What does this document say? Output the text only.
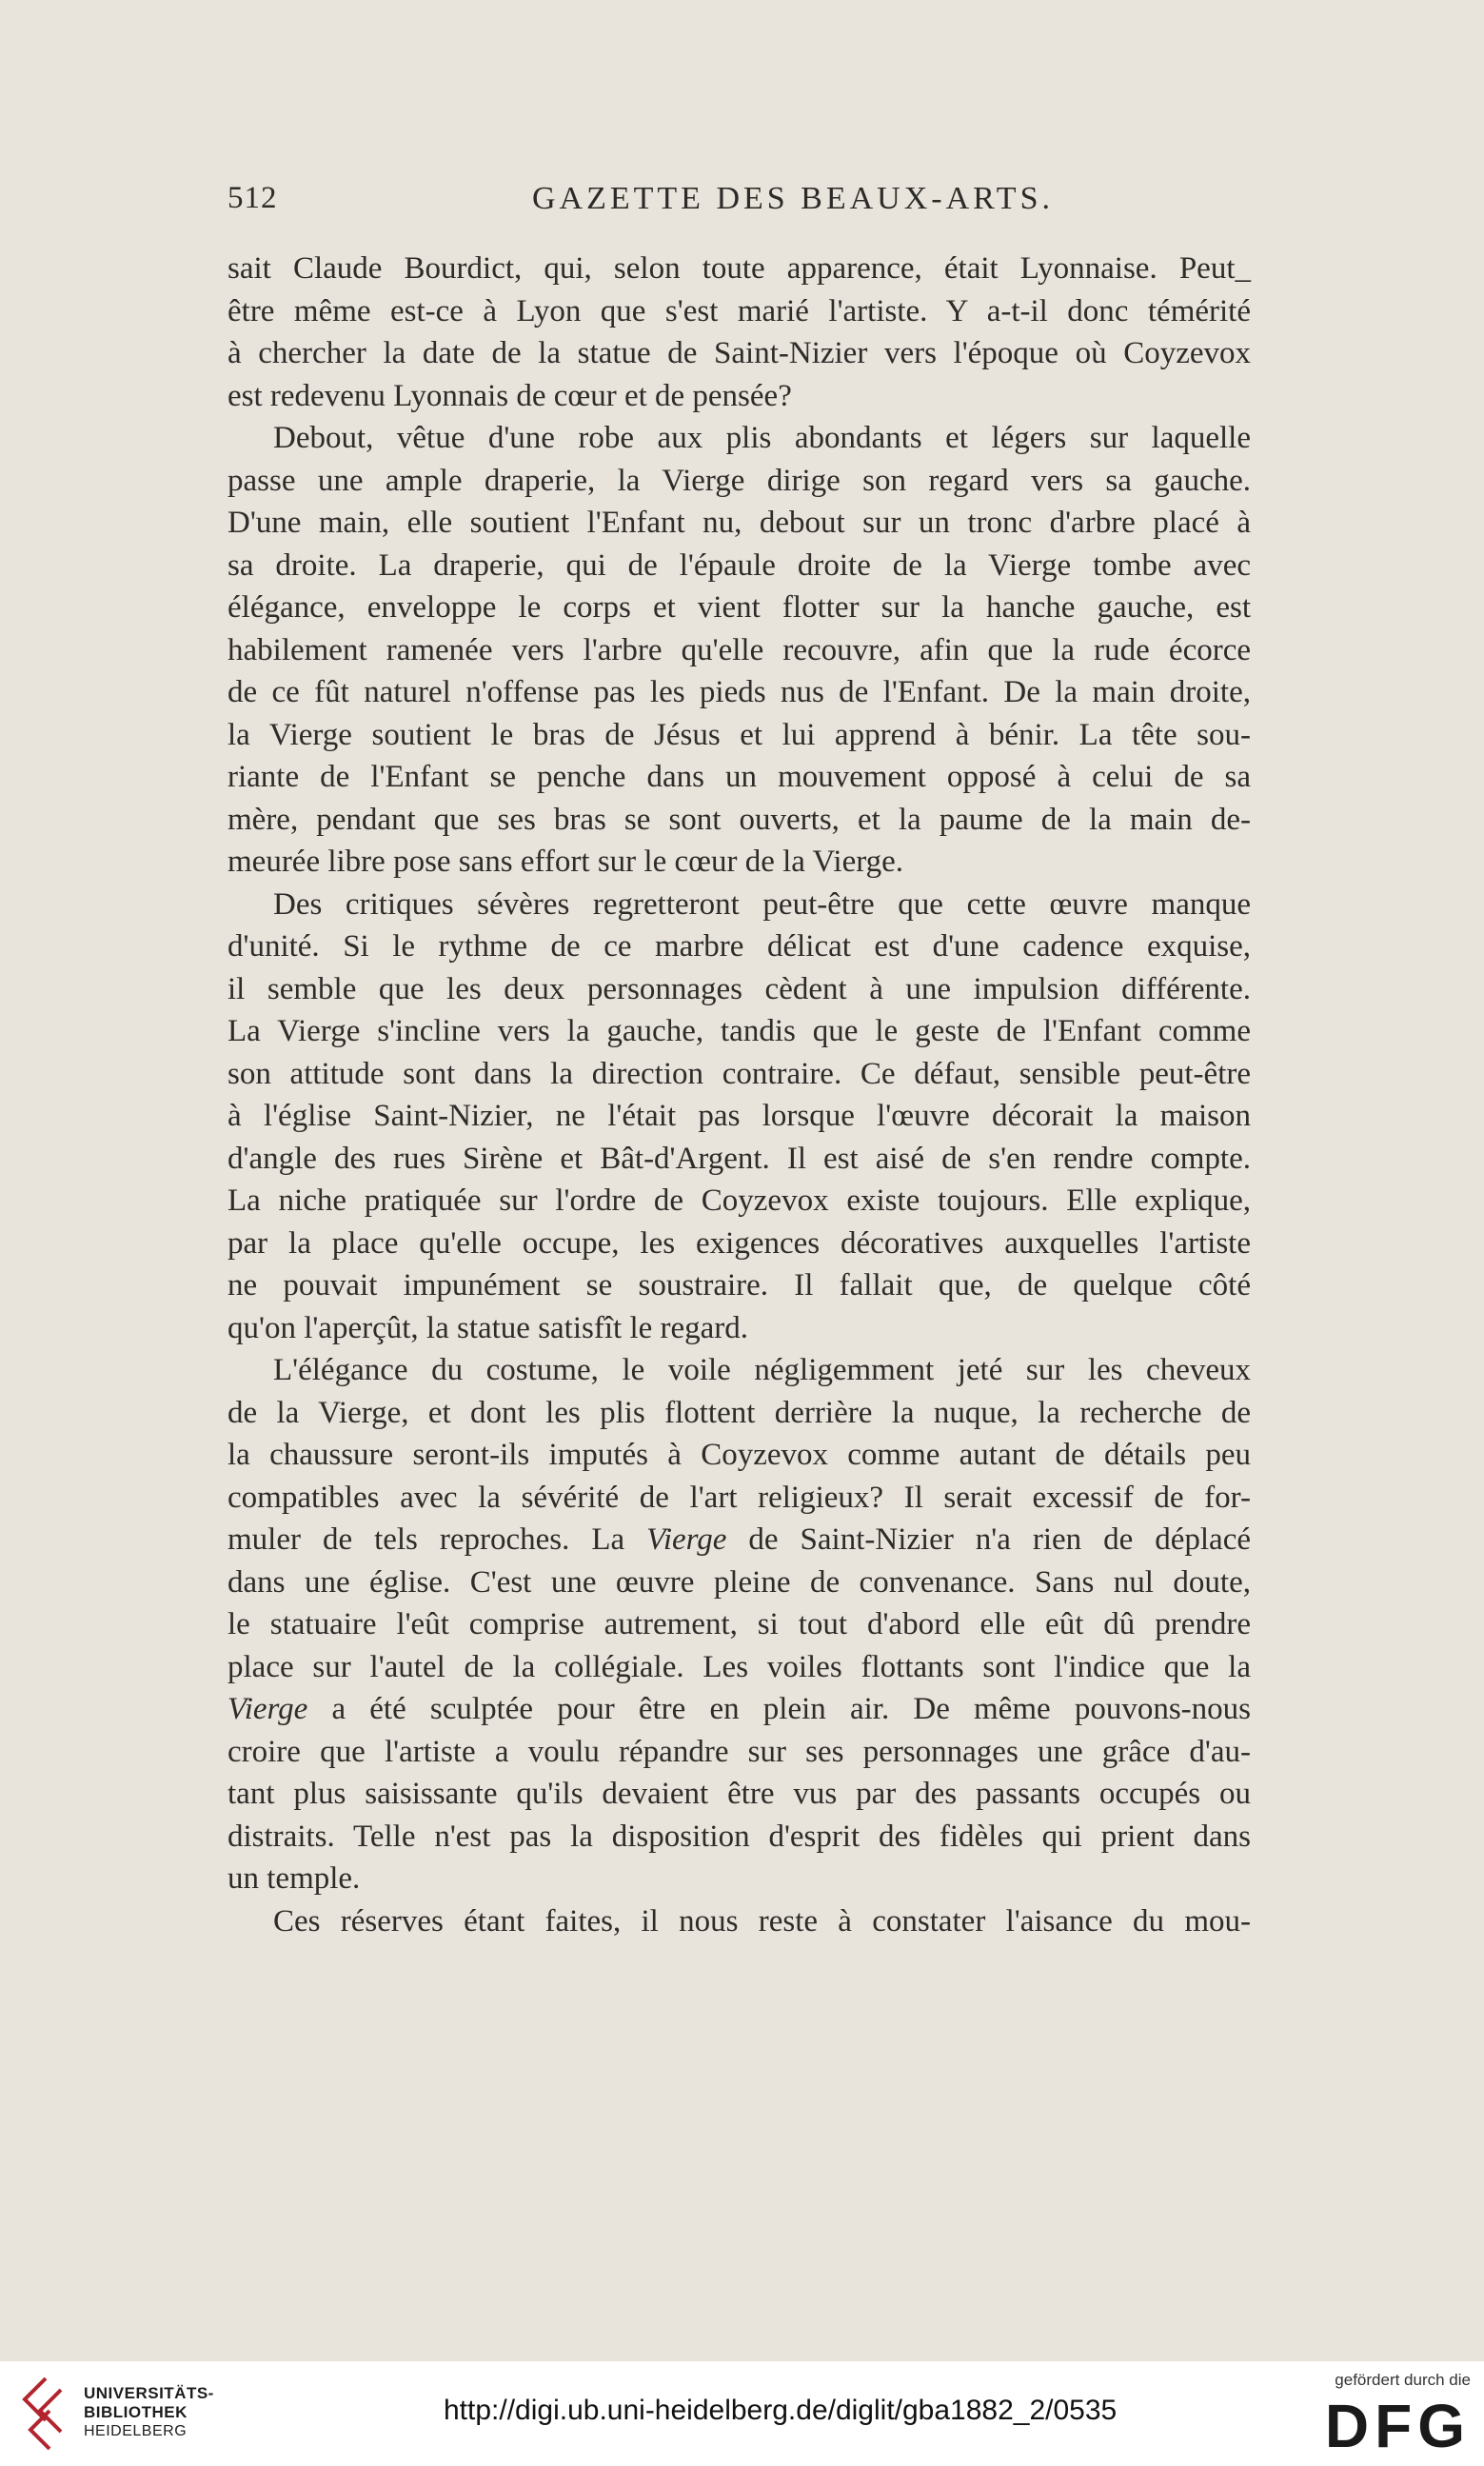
512	GAZETTE DES BEAUX-ARTS.

sait Claude Bourdict, qui, selon toute apparence, était Lyonnaise. Peut_
être même est-ce à Lyon que s'est marié l'artiste. Y a-t-il donc témérité
à chercher la date de la statue de Saint-Nizier vers l'époque où Coyzevox
est redevenu Lyonnais de cœur et de pensée?

Debout, vêtue d'une robe aux plis abondants et légers sur laquelle
passe une ample draperie, la Vierge dirige son regard vers sa gauche.
D'une main, elle soutient l'Enfant nu, debout sur un tronc d'arbre placé à
sa droite. La draperie, qui de l'épaule droite de la Vierge tombe avec
élégance, enveloppe le corps et vient flotter sur la hanche gauche, est
habilement ramenée vers l'arbre qu'elle recouvre, afin que la rude écorce
de ce fût naturel n'offense pas les pieds nus de l'Enfant. De la main droite,
la Vierge soutient le bras de Jésus et lui apprend à bénir. La tête sou-
riante de l'Enfant se penche dans un mouvement opposé à celui de sa
mère, pendant que ses bras se sont ouverts, et la paume de la main de-
meurée libre pose sans effort sur le cœur de la Vierge.

Des critiques sévères regretteront peut-être que cette œuvre manque
d'unité. Si le rythme de ce marbre délicat est d'une cadence exquise,
il semble que les deux personnages cèdent à une impulsion différente.
La Vierge s'incline vers la gauche, tandis que le geste de l'Enfant comme
son attitude sont dans la direction contraire. Ce défaut, sensible peut-être
à l'église Saint-Nizier, ne l'était pas lorsque l'œuvre décorait la maison
d'angle des rues Sirène et Bât-d'Argent. Il est aisé de s'en rendre compte.
La niche pratiquée sur l'ordre de Coyzevox existe toujours. Elle explique,
par la place qu'elle occupe, les exigences décoratives auxquelles l'artiste
ne pouvait impunément se soustraire. Il fallait que, de quelque côté
qu'on l'aperçût, la statue satisfît le regard.

L'élégance du costume, le voile négligemment jeté sur les cheveux
de la Vierge, et dont les plis flottent derrière la nuque, la recherche de
la chaussure seront-ils imputés à Coyzevox comme autant de détails peu
compatibles avec la sévérité de l'art religieux? Il serait excessif de for-
muler de tels reproches. La Vierge de Saint-Nizier n'a rien de déplacé
dans une église. C'est une œuvre pleine de convenance. Sans nul doute,
le statuaire l'eût comprise autrement, si tout d'abord elle eût dû prendre
place sur l'autel de la collégiale. Les voiles flottants sont l'indice que la
Vierge a été sculptée pour être en plein air. De même pouvons-nous
croire que l'artiste a voulu répandre sur ses personnages une grâce d'au-
tant plus saisissante qu'ils devaient être vus par des passants occupés ou
distraits. Telle n'est pas la disposition d'esprit des fidèles qui prient dans
un temple.

Ces réserves étant faites, il nous reste à constater l'aisance du mou-

UNIVERSITÄTS-
BIBLIOTHEK
HEIDELBERG
http://digi.ub.uni-heidelberg.de/diglit/gba1882_2/0535
gefördert durch die
DFG
